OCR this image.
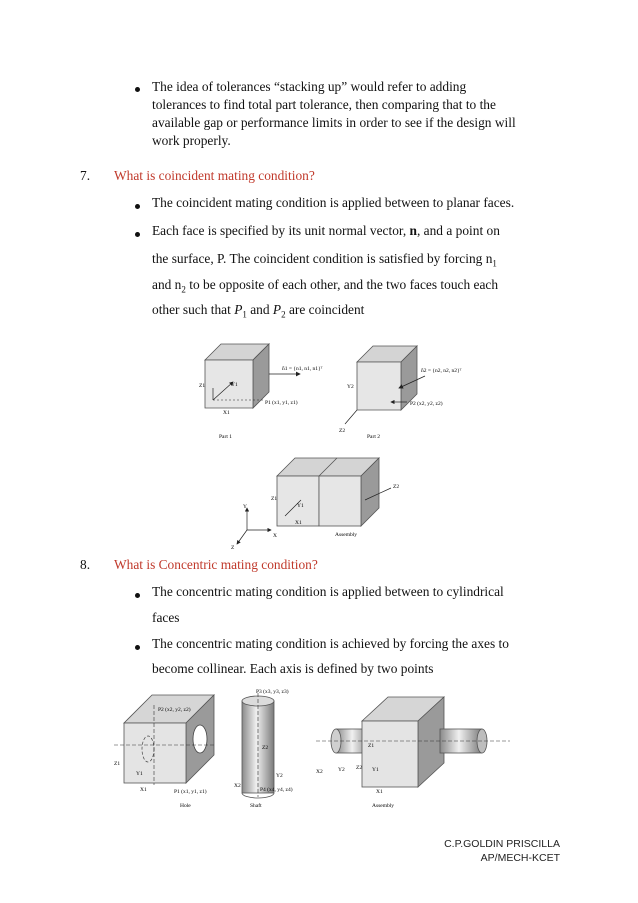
The idea of tolerances “stacking up” would refer to adding
tolerances to find total part tolerance, then comparing that to the
available gap or performance limits in order to see if the design will
work properly.
7. What is coincident mating condition?
The coincident mating condition is applied between to planar faces.
Each face is specified by its unit normal vector, n, and a point on
the surface, P. The coincident condition is satisfied by forcing $n_1$
and $n_2$ to be opposite of each other, and the two faces touch each
other such that $P_1$ and $P_2$ are coincident
n̂1 = {n1, n1, n1}ᵀ
P1 (x1, y1, z1)
Z1	Y1
X1
Part 1
n̂2 = {n2, n2, n2}ᵀ
P2 (x2, y2, z2)
Y2
Z2
Part 2
Z1
Y1
X1
Z2
Assembly
Y
X
Z
8. What is Concentric mating condition?
The concentric mating condition is applied between to cylindrical
faces
The concentric mating condition is achieved by forcing the axes to
become collinear. Each axis is defined by two points
P2 (x2, y2, z2)
P1 (x1, y1, z1)
Z1
Y1
X1
Hole
P3 (x3, y3, z3)
P4 (x4, y4, z4)
Z2
Y2
X2
Shaft
Z1
Y1
Y2
X2
Z2
X1
Assembly
C.P.GOLDIN PRISCILLA
AP/MECH-KCET
